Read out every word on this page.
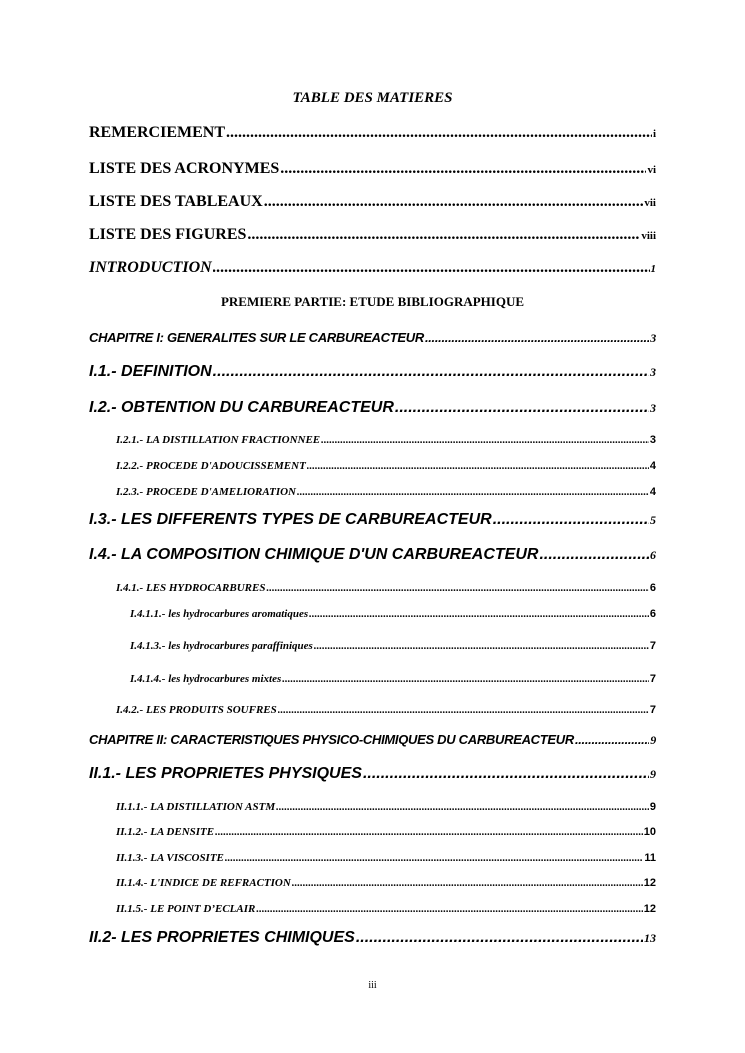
TABLE DES MATIERES
REMERCIEMENT .....	i
LISTE DES ACRONYMES .....	vi
LISTE DES TABLEAUX .....	vii
LISTE DES FIGURES .....	viii
INTRODUCTION .....	1
PREMIERE PARTIE: ETUDE BIBLIOGRAPHIQUE
CHAPITRE I: GENERALITES SUR LE CARBUREACTEUR .....	3
I.1.- DEFINITION .....	3
I.2.- OBTENTION DU CARBUREACTEUR .....	3
I.2.1.- LA DISTILLATION FRACTIONNEE .....	3
I.2.2.- PROCEDE D'ADOUCISSEMENT .....	4
I.2.3.- PROCEDE D'AMELIORATION .....	4
I.3.- LES DIFFERENTS TYPES DE CARBUREACTEUR .....	5
I.4.- LA COMPOSITION CHIMIQUE D'UN CARBUREACTEUR .....	6
I.4.1.- LES HYDROCARBURES .....	6
I.4.1.1.- les hydrocarbures aromatiques .....	6
I.4.1.3.- les hydrocarbures paraffiniques .....	7
I.4.1.4.- les hydrocarbures mixtes .....	7
I.4.2.- LES PRODUITS SOUFRES .....	7
CHAPITRE II: CARACTERISTIQUES PHYSICO-CHIMIQUES DU CARBUREACTEUR .....	9
II.1.- LES PROPRIETES PHYSIQUES .....	9
II.1.1.- LA DISTILLATION ASTM .....	9
II.1.2.- LA DENSITE .....	10
II.1.3.- LA VISCOSITE .....	11
II.1.4.- L'INDICE DE REFRACTION .....	12
II.1.5.- LE POINT D’ECLAIR .....	12
II.2- LES PROPRIETES CHIMIQUES .....	13
iii
